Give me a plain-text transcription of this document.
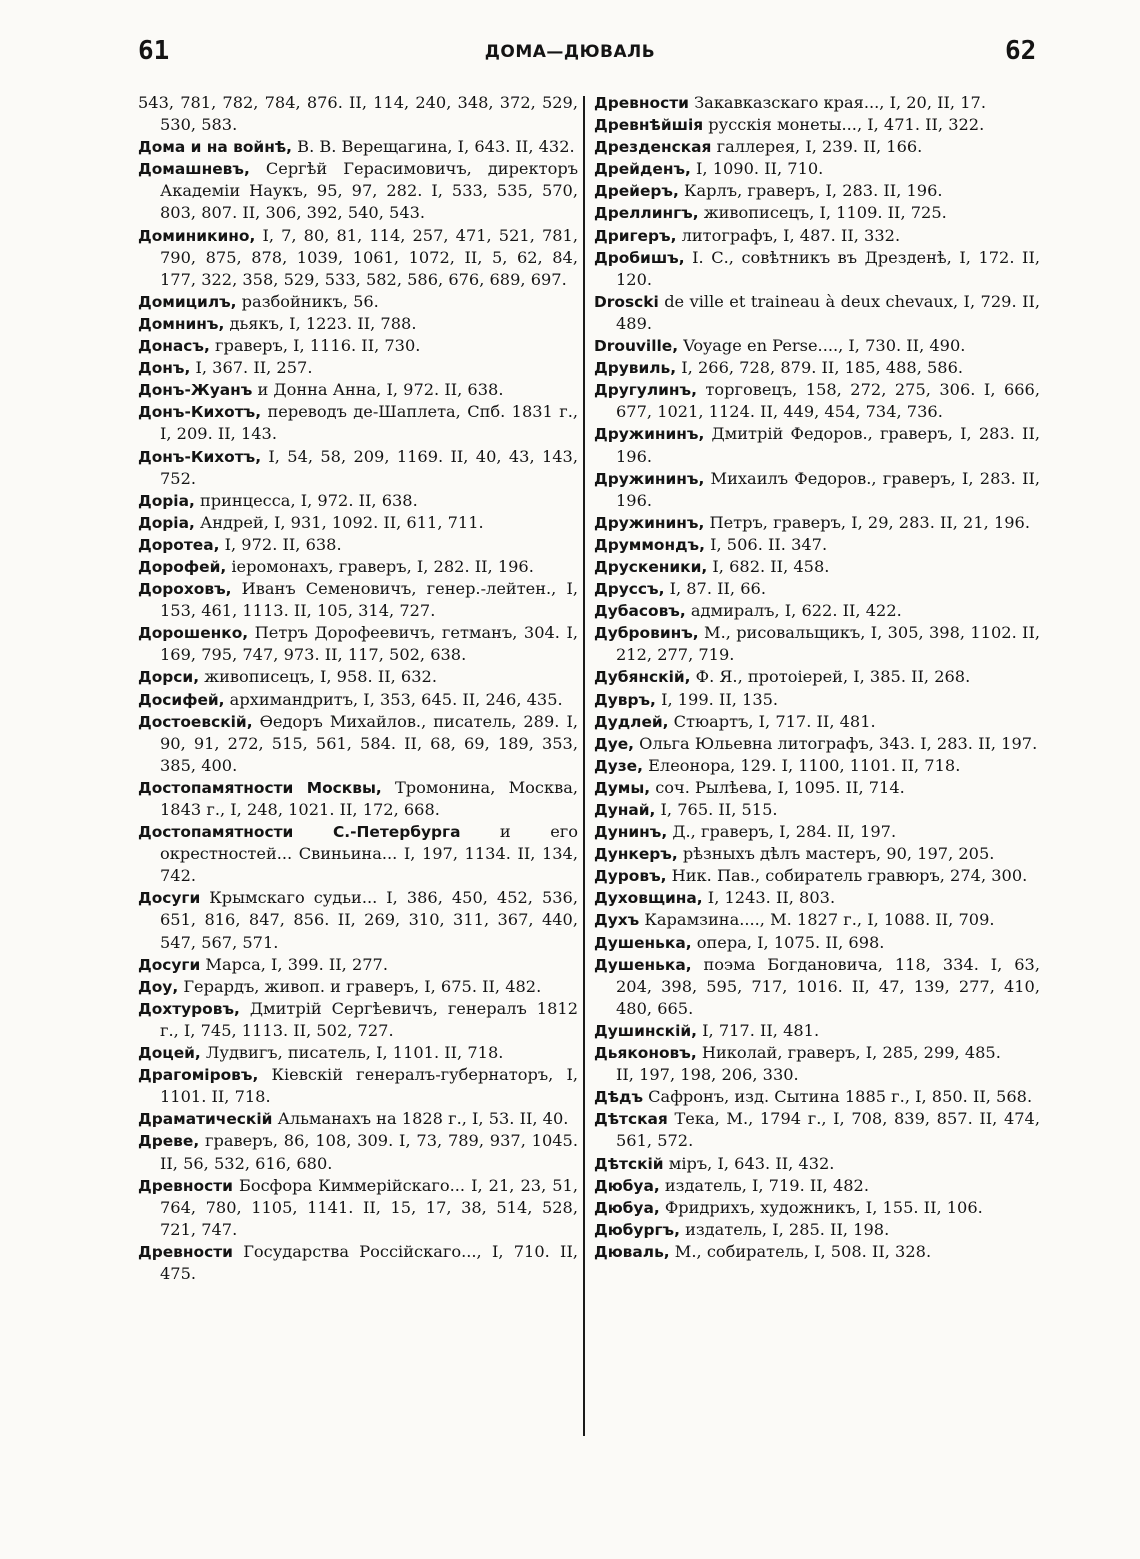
61	ДОМА—ДЮВАЛЬ	62

543, 781, 782, 784, 876. II, 114, 240, 348, 372, 529, 530, 583.

Дома и на войнѣ, В. В. Верещагина, I, 643. II, 432.

Домашневъ, Сергѣй Герасимовичъ, директоръ Академіи Наукъ, 95, 97, 282. I, 533, 535, 570, 803, 807. II, 306, 392, 540, 543.

Доминикино, I, 7, 80, 81, 114, 257, 471, 521, 781, 790, 875, 878, 1039, 1061, 1072, II, 5, 62, 84, 177, 322, 358, 529, 533, 582, 586, 676, 689, 697.

Домицилъ, разбойникъ, 56.

Домнинъ, дьякъ, I, 1223. II, 788.

Донасъ, граверъ, I, 1116. II, 730.

Донъ, I, 367. II, 257.

Донъ-Жуанъ и Донна Анна, I, 972. II, 638.

Донъ-Кихотъ, переводъ де-Шаплета, Спб. 1831 г., I, 209. II, 143.

Донъ-Кихотъ, I, 54, 58, 209, 1169. II, 40, 43, 143, 752.

Доріа, принцесса, I, 972. II, 638.

Доріа, Андрей, I, 931, 1092. II, 611, 711.

Доротеа, I, 972. II, 638.

Дорофей, іеромонахъ, граверъ, I, 282. II, 196.

Дороховъ, Иванъ Семеновичъ, генер.-лейтен., I, 153, 461, 1113. II, 105, 314, 727.

Дорошенко, Петръ Дорофеевичъ, гетманъ, 304. I, 169, 795, 747, 973. II, 117, 502, 638.

Дорси, живописецъ, I, 958. II, 632.

Досифей, архимандритъ, I, 353, 645. II, 246, 435.

Достоевскій, Өедоръ Михайлов., писатель, 289. I, 90, 91, 272, 515, 561, 584. II, 68, 69, 189, 353, 385, 400.

Достопамятности Москвы, Тромонина, Москва, 1843 г., I, 248, 1021. II, 172, 668.

Достопамятности С.-Петербурга и его окрестностей... Свиньина... I, 197, 1134. II, 134, 742.

Досуги Крымскаго судьи... I, 386, 450, 452, 536, 651, 816, 847, 856. II, 269, 310, 311, 367, 440, 547, 567, 571.

Досуги Марса, I, 399. II, 277.

Доу, Герардъ, живоп. и граверъ, I, 675. II, 482.

Дохтуровъ, Дмитрій Сергѣевичъ, генералъ 1812 г., I, 745, 1113. II, 502, 727.

Доцей, Лудвигъ, писатель, I, 1101. II, 718.

Драгоміровъ, Кіевскій генералъ-губернаторъ, I, 1101. II, 718.

Драматическій Альманахъ на 1828 г., I, 53. II, 40.

Древе, граверъ, 86, 108, 309. I, 73, 789, 937, 1045. II, 56, 532, 616, 680.

Древности Босфора Киммерійскаго... I, 21, 23, 51, 764, 780, 1105, 1141. II, 15, 17, 38, 514, 528, 721, 747.

Древности Государства Россійскаго..., I, 710. II, 475.

Древности Закавказскаго края..., I, 20, II, 17.

Древнѣйшія русскія монеты..., I, 471. II, 322.

Дрезденская галлерея, I, 239. II, 166.

Дрейденъ, I, 1090. II, 710.

Дрейеръ, Карлъ, граверъ, I, 283. II, 196.

Дреллингъ, живописецъ, I, 1109. II, 725.

Дригеръ, литографъ, I, 487. II, 332.

Дробишъ, I. С., совѣтникъ въ Дрезденѣ, I, 172. II, 120.

Droscki de ville et traineau à deux chevaux, I, 729. II, 489.

Drouville, Voyage en Perse...., I, 730. II, 490.

Друвиль, I, 266, 728, 879. II, 185, 488, 586.

Другулинъ, торговецъ, 158, 272, 275, 306. I, 666, 677, 1021, 1124. II, 449, 454, 734, 736.

Дружининъ, Дмитрій Федоров., граверъ, I, 283. II, 196.

Дружининъ, Михаилъ Федоров., граверъ, I, 283. II, 196.

Дружининъ, Петръ, граверъ, I, 29, 283. II, 21, 196.

Друммондъ, I, 506. II. 347.

Друскеники, I, 682. II, 458.

Друссъ, I, 87. II, 66.

Дубасовъ, адмиралъ, I, 622. II, 422.

Дубровинъ, М., рисовальщикъ, I, 305, 398, 1102. II, 212, 277, 719.

Дубянскій, Ф. Я., протоіерей, I, 385. II, 268.

Дувръ, I, 199. II, 135.

Дудлей, Стюартъ, I, 717. II, 481.

Дуе, Ольга Юльевна литографъ, 343. I, 283. II, 197.

Дузе, Елеонора, 129. I, 1100, 1101. II, 718.

Думы, соч. Рылѣева, I, 1095. II, 714.

Дунай, I, 765. II, 515.

Дунинъ, Д., граверъ, I, 284. II, 197.

Дункеръ, рѣзныхъ дѣлъ мастеръ, 90, 197, 205.

Дуровъ, Ник. Пав., собиратель гравюръ, 274, 300.

Духовщина, I, 1243. II, 803.

Духъ Карамзина...., М. 1827 г., I, 1088. II, 709.

Душенька, опера, I, 1075. II, 698.

Душенька, поэма Богдановича, 118, 334. I, 63, 204, 398, 595, 717, 1016. II, 47, 139, 277, 410, 480, 665.

Душинскій, I, 717. II, 481.

Дьяконовъ, Николай, граверъ, I, 285, 299, 485.

II, 197, 198, 206, 330.

Дѣдъ Сафронъ, изд. Сытина 1885 г., I, 850. II, 568.

Дѣтская Тека, М., 1794 г., I, 708, 839, 857. II, 474, 561, 572.

Дѣтскій міръ, I, 643. II, 432.

Дюбуа, издатель, I, 719. II, 482.

Дюбуа, Фридрихъ, художникъ, I, 155. II, 106.

Дюбургъ, издатель, I, 285. II, 198.

Дюваль, М., собиратель, I, 508. II, 328.
